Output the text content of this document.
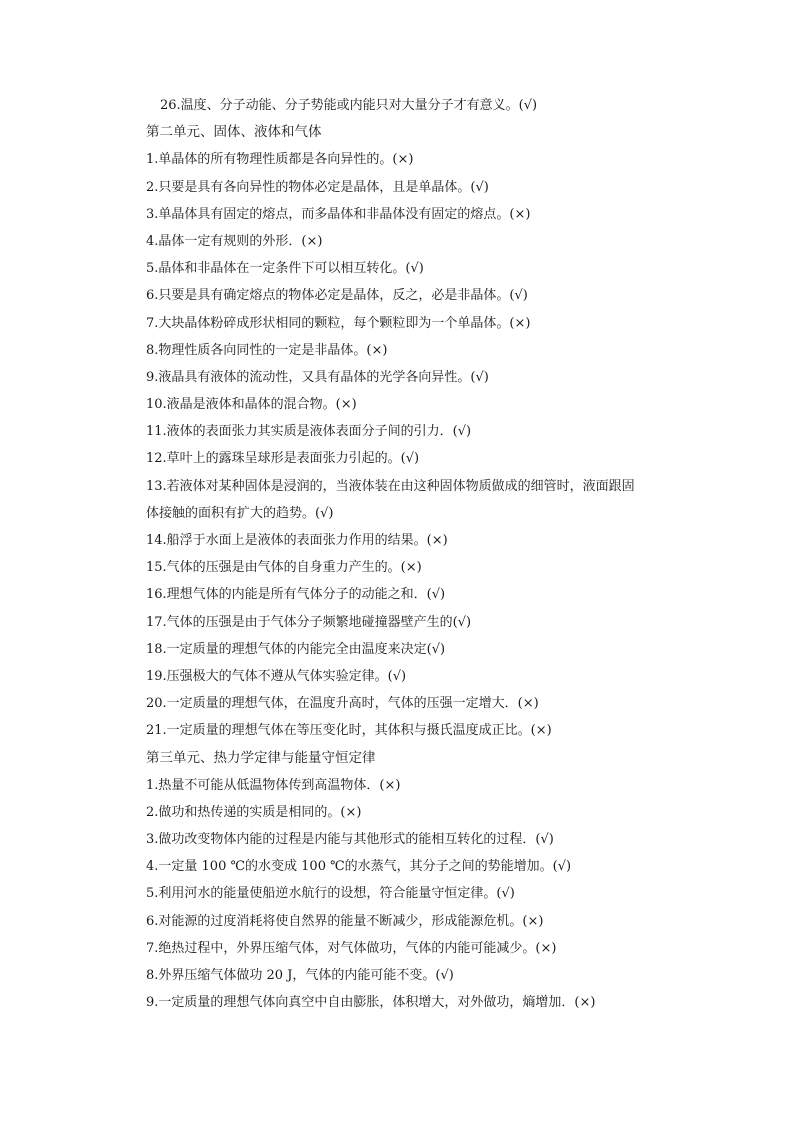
26.温度、分子动能、分子势能或内能只对大量分子才有意义。(√)
第二单元、固体、液体和气体
1.单晶体的所有物理性质都是各向异性的。(×)
2.只要是具有各向异性的物体必定是晶体，且是单晶体。(√)
3.单晶体具有固定的熔点，而多晶体和非晶体没有固定的熔点。(×)
4.晶体一定有规则的外形．(×)
5.晶体和非晶体在一定条件下可以相互转化。(√)
6.只要是具有确定熔点的物体必定是晶体，反之，必是非晶体。(√)
7.大块晶体粉碎成形状相同的颗粒，每个颗粒即为一个单晶体。(×)
8.物理性质各向同性的一定是非晶体。(×)
9.液晶具有液体的流动性，又具有晶体的光学各向异性。(√)
10.液晶是液体和晶体的混合物。(×)
11.液体的表面张力其实质是液体表面分子间的引力．(√)
12.草叶上的露珠呈球形是表面张力引起的。(√)
13.若液体对某种固体是浸润的，当液体装在由这种固体物质做成的细管时，液面跟固
体接触的面积有扩大的趋势。(√)
14.船浮于水面上是液体的表面张力作用的结果。(×)
15.气体的压强是由气体的自身重力产生的。(×)
16.理想气体的内能是所有气体分子的动能之和．(√)
17.气体的压强是由于气体分子频繁地碰撞器壁产生的(√)
18.一定质量的理想气体的内能完全由温度来决定(√)
19.压强极大的气体不遵从气体实验定律。(√)
20.一定质量的理想气体，在温度升高时，气体的压强一定增大．(×)
21.一定质量的理想气体在等压变化时，其体积与摄氏温度成正比。(×)
第三单元、热力学定律与能量守恒定律
1.热量不可能从低温物体传到高温物体．(×)
2.做功和热传递的实质是相同的。(×)
3.做功改变物体内能的过程是内能与其他形式的能相互转化的过程．(√)
4.一定量 100 ℃的水变成 100 ℃的水蒸气，其分子之间的势能增加。(√)
5.利用河水的能量使船逆水航行的设想，符合能量守恒定律。(√)
6.对能源的过度消耗将使自然界的能量不断减少，形成能源危机。(×)
7.绝热过程中，外界压缩气体，对气体做功，气体的内能可能减少。(×)
8.外界压缩气体做功 20 J，气体的内能可能不变。(√)
9.一定质量的理想气体向真空中自由膨胀，体积增大，对外做功，熵增加．(×)
